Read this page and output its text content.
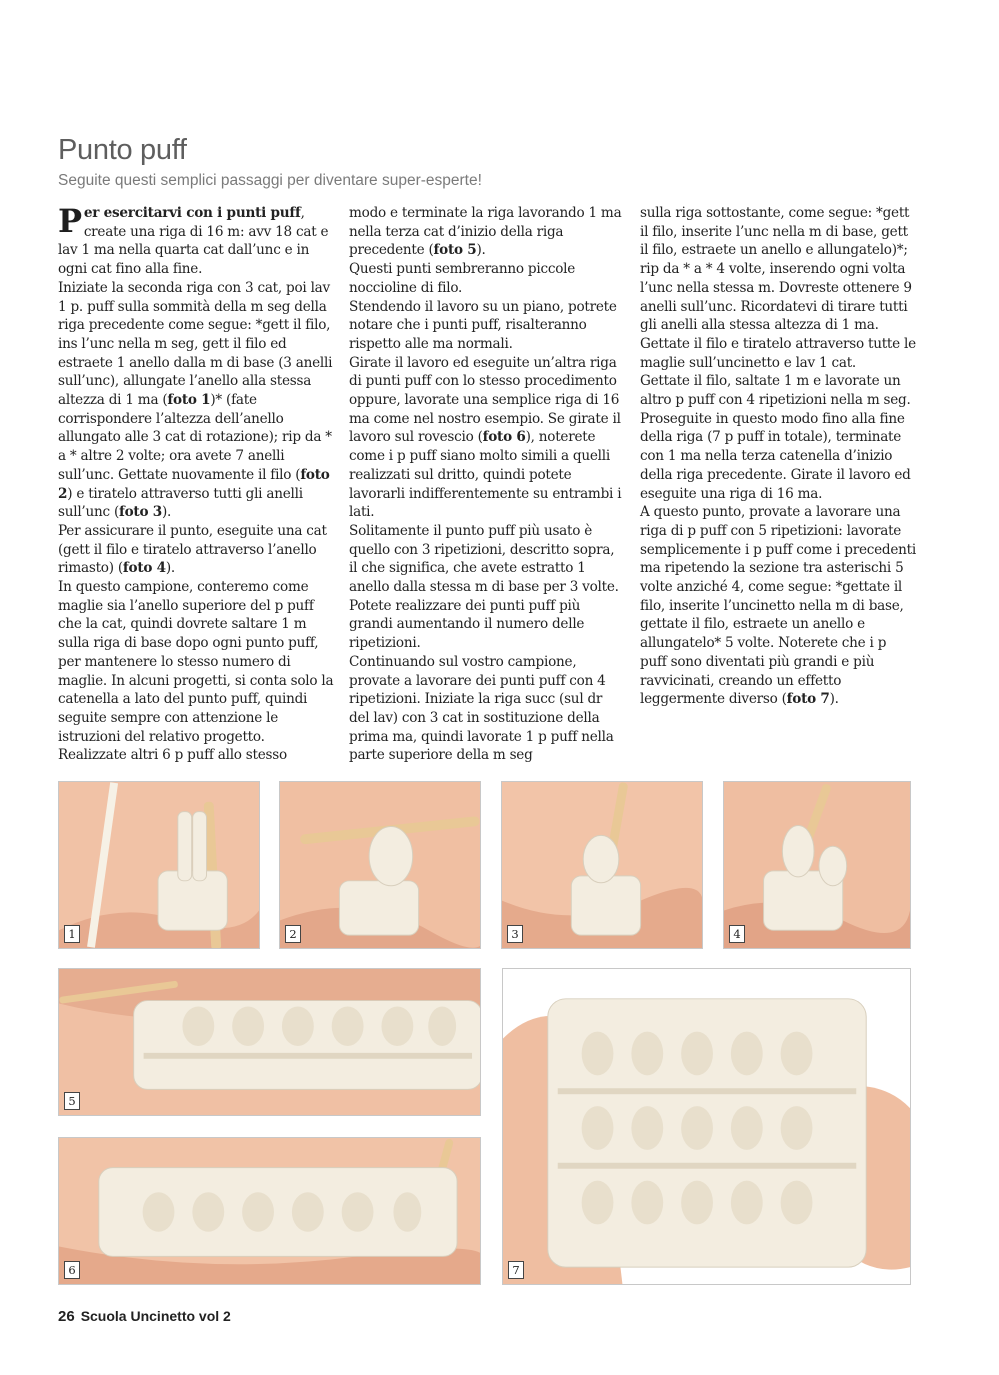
Punto puff
Seguite questi semplici passaggi per diventare super-esperte!

Per esercitarvi con i punti puff, create una riga di 16 m: avv 18 cat e lav 1 ma nella quarta cat dall’unc e in ogni cat fino alla fine.

Iniziate la seconda riga con 3 cat, poi lav 1 p. puff sulla sommità della m seg della riga precedente come segue: *gett il filo, ins l’unc nella m seg, gett il filo ed estraete 1 anello dalla m di base (3 anelli sull’unc), allungate l’anello alla stessa altezza di 1 ma (foto 1)* (fate corrispondere l’altezza dell’anello allungato alle 3 cat di rotazione); rip da * a * altre 2 volte; ora avete 7 anelli sull’unc. Gettate nuovamente il filo (foto 2) e tiratelo attraverso tutti gli anelli sull’unc (foto 3).

Per assicurare il punto, eseguite una cat (gett il filo e tiratelo attraverso l’anello rimasto) (foto 4).

In questo campione, conteremo come maglie sia l’anello superiore del p puff che la cat, quindi dovrete saltare 1 m sulla riga di base dopo ogni punto puff, per mantenere lo stesso numero di maglie. In alcuni progetti, si conta solo la catenella a lato del punto puff, quindi seguite sempre con attenzione le istruzioni del relativo progetto.

Realizzate altri 6 p puff allo stesso

modo e terminate la riga lavorando 1 ma nella terza cat d’inizio della riga precedente (foto 5).

Questi punti sembreranno piccole noccioline di filo.

Stendendo il lavoro su un piano, potrete notare che i punti puff, risalteranno rispetto alle ma normali.

Girate il lavoro ed eseguite un’altra riga di punti puff con lo stesso procedimento oppure, lavorate una semplice riga di 16 ma come nel nostro esempio. Se girate il lavoro sul rovescio (foto 6), noterete come i p puff siano molto simili a quelli realizzati sul dritto, quindi potete lavorarli indifferentemente su entrambi i lati.

Solitamente il punto puff più usato è quello con 3 ripetizioni, descritto sopra, il che significa, che avete estratto 1 anello dalla stessa m di base per 3 volte. Potete realizzare dei punti puff più grandi aumentando il numero delle ripetizioni.

Continuando sul vostro campione, provate a lavorare dei punti puff con 4 ripetizioni. Iniziate la riga succ (sul dr del lav) con 3 cat in sostituzione della prima ma, quindi lavorate 1 p puff nella parte superiore della m seg

sulla riga sottostante, come segue: *gett il filo, inserite l’unc nella m di base, gett il filo, estraete un anello e allungatelo)*; rip da * a * 4 volte, inserendo ogni volta l’unc nella stessa m. Dovreste ottenere 9 anelli sull’unc. Ricordatevi di tirare tutti gli anelli alla stessa altezza di 1 ma.

Gettate il filo e tiratelo attraverso tutte le maglie sull’uncinetto e lav 1 cat.

Gettate il filo, saltate 1 m e lavorate un altro p puff con 4 ripetizioni nella m seg. Proseguite in questo modo fino alla fine della riga (7 p puff in totale), terminate con 1 ma nella terza catenella d’inizio della riga precedente. Girate il lavoro ed eseguite una riga di 16 ma.

A questo punto, provate a lavorare una riga di p puff con 5 ripetizioni: lavorate semplicemente i p puff come i precedenti ma ripetendo la sezione tra asterischi 5 volte anziché 4, come segue: *gettate il filo, inserite l’uncinetto nella m di base, gettate il filo, estraete un anello e allungatelo* 5 volte. Noterete che i p puff sono diventati più grandi e più ravvicinati, creando un effetto leggermente diverso (foto 7).

1	2	3	4
5
6	7
26 Scuola Uncinetto vol 2
